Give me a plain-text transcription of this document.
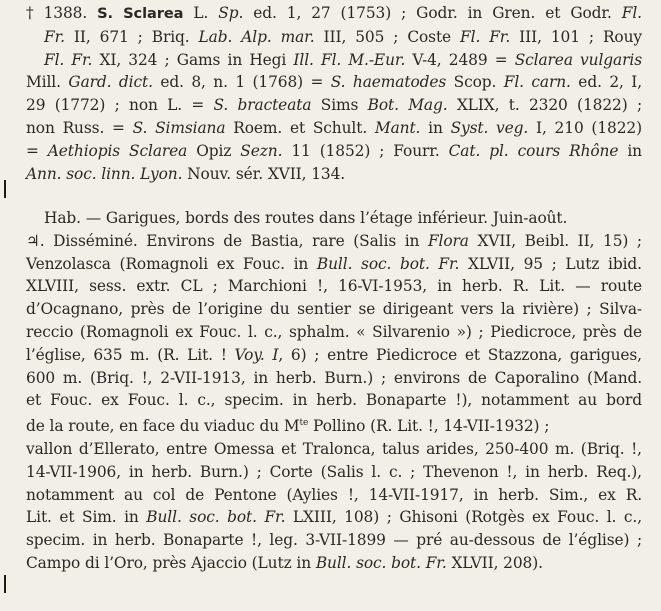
† 1388. S. Sclarea L. Sp. ed. 1, 27 (1753) ; Godr. in Gren. et Godr. Fl.
Fr. II, 671 ; Briq. Lab. Alp. mar. III, 505 ; Coste Fl. Fr. III, 101 ; Rouy
Fl. Fr. XI, 324 ; Gams in Hegi Ill. Fl. M.-Eur. V-4, 2489 = Sclarea vulgaris
Mill. Gard. dict. ed. 8, n. 1 (1768) = S. haematodes Scop. Fl. carn. ed. 2, I,
29 (1772) ; non L. = S. bracteata Sims Bot. Mag. XLIX, t. 2320 (1822) ;
non Russ. = S. Simsiana Roem. et Schult. Mant. in Syst. veg. I, 210 (1822)
= Aethiopis Sclarea Opiz Sezn. 11 (1852) ; Fourr. Cat. pl. cours Rhône in
Ann. soc. linn. Lyon. Nouv. sér. XVII, 134.
Hab. — Garigues, bords des routes dans l’étage inférieur. Juin-août.
♃. Disséminé. Environs de Bastia, rare (Salis in Flora XVII, Beibl. II, 15) ;
Venzolasca (Romagnoli ex Fouc. in Bull. soc. bot. Fr. XLVII, 95 ; Lutz ibid.
XLVIII, sess. extr. CL ; Marchioni !, 16-VI-1953, in herb. R. Lit. — route
d’Ocagnano, près de l’origine du sentier se dirigeant vers la rivière) ; Silva-
reccio (Romagnoli ex Fouc. l. c., sphalm. « Silvarenio ») ; Piedicroce, près de
l’église, 635 m. (R. Lit. ! Voy. I, 6) ; entre Piedicroce et Stazzona, garigues,
600 m. (Briq. !, 2-VII-1913, in herb. Burn.) ; environs de Caporalino (Mand.
et Fouc. ex Fouc. l. c., specim. in herb. Bonaparte !), notamment au bord
de la route, en face du viaduc du $M^{te}$ Pollino (R. Lit. !, 14-VII-1932) ;
vallon d’Ellerato, entre Omessa et Tralonca, talus arides, 250-400 m. (Briq. !,
14-VII-1906, in herb. Burn.) ; Corte (Salis l. c. ; Thevenon !, in herb. Req.),
notamment au col de Pentone (Aylies !, 14-VII-1917, in herb. Sim., ex R.
Lit. et Sim. in Bull. soc. bot. Fr. LXIII, 108) ; Ghisoni (Rotgès ex Fouc. l. c.,
specim. in herb. Bonaparte !, leg. 3-VII-1899 — pré au-dessous de l’église) ;
Campo di l’Oro, près Ajaccio (Lutz in Bull. soc. bot. Fr. XLVII, 208).
